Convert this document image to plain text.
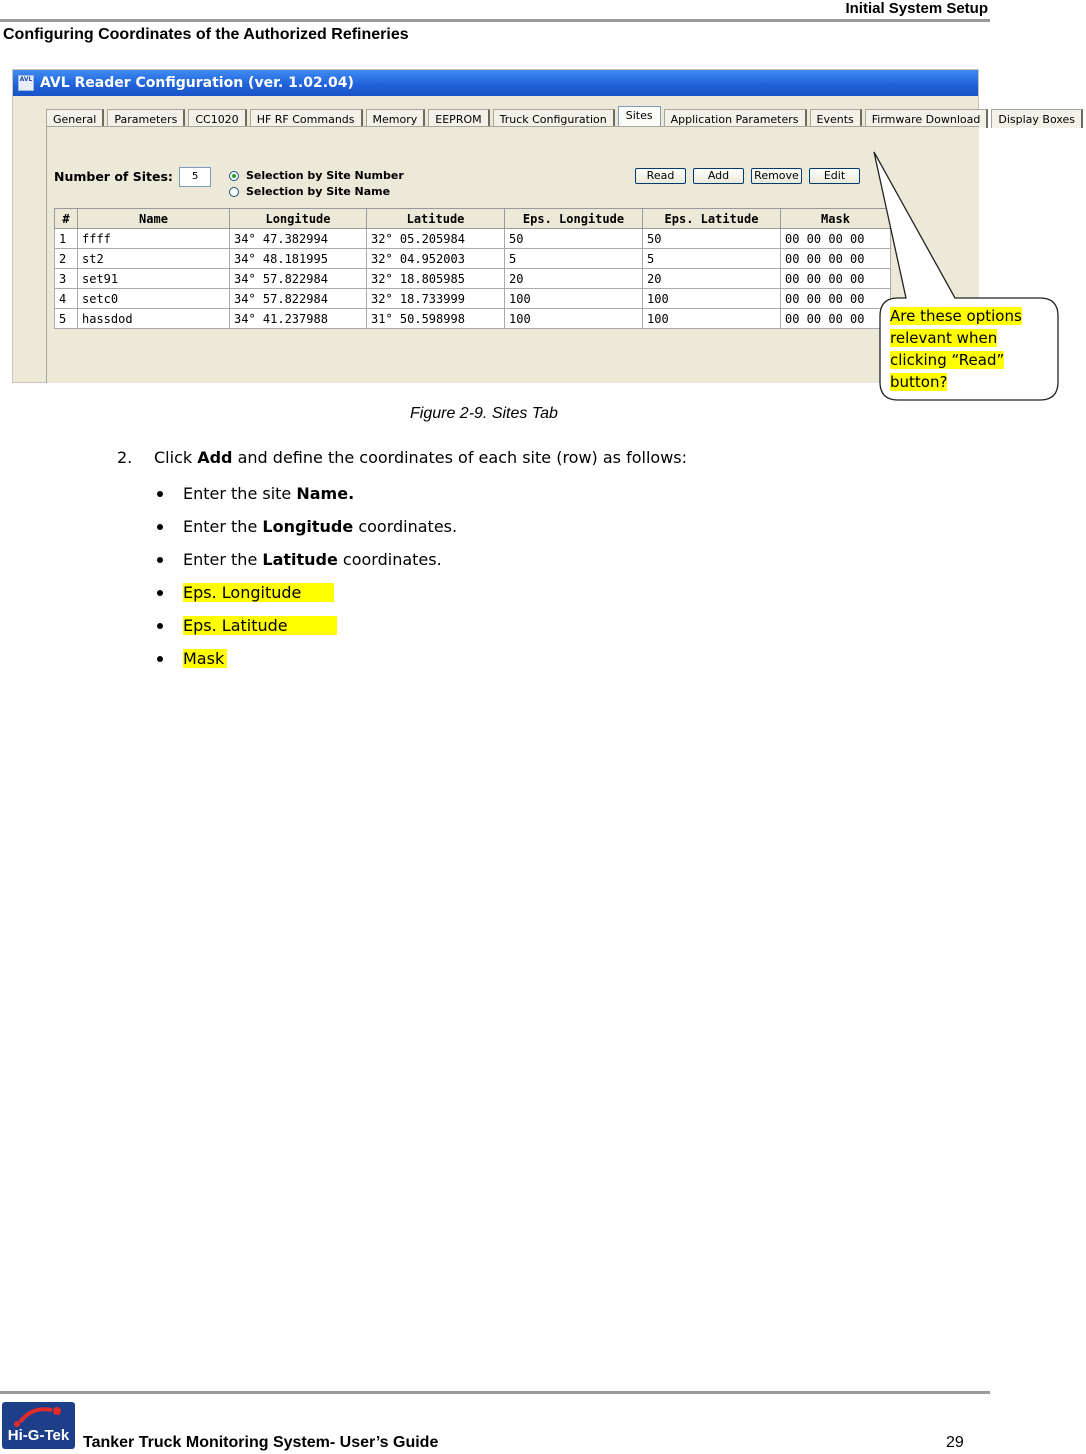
Initial System Setup
Configuring Coordinates of the Authorized Refineries
AVL AVL Reader Configuration (ver. 1.02.04)
General	Parameters	CC1020	HF RF Commands	Memory	EEPROM	Truck Configuration	Sites	Application Parameters	Events	Firmware Download	Display Boxes
Number of Sites:	5	Selection by Site Number
Selection by Site Name
Read	Add	Remove	Edit
#	Name	Longitude	Latitude	Eps. Longitude	Eps. Latitude	Mask
1	ffff	34° 47.382994	32° 05.205984	50	50	00 00 00 00
2	st2	34° 48.181995	32° 04.952003	5	5	00 00 00 00
3	set91	34° 57.822984	32° 18.805985	20	20	00 00 00 00
4	setc0	34° 57.822984	32° 18.733999	100	100	00 00 00 00
5	hassdod	34° 41.237988	31° 50.598998	100	100	00 00 00 00 Are these options relevant when clicking “Read” button?
Figure 2-9. Sites Tab
2. Click Add and define the coordinates of each site (row) as follows:
Enter the site Name.
Enter the Longitude coordinates.
Enter the Latitude coordinates.
Eps. Longitude
Eps. Latitude
Mask
Hi-G-Tek Tanker Truck Monitoring System- User’s Guide	29
